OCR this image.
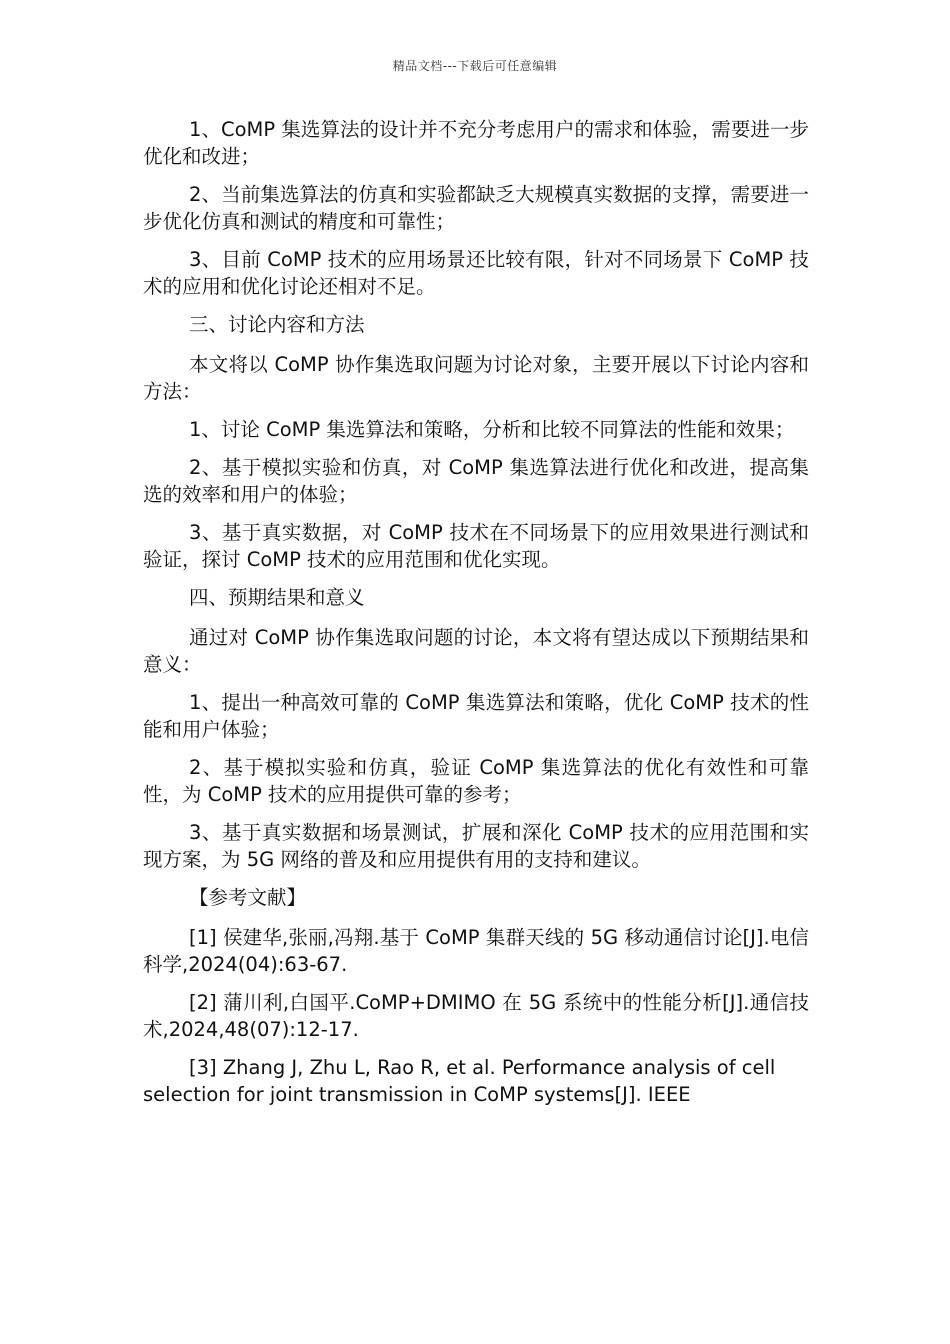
精品文档---下载后可任意编辑

1、CoMP 集选算法的设计并不充分考虑用户的需求和体验，需要进一步优化和改进；

2、当前集选算法的仿真和实验都缺乏大规模真实数据的支撑，需要进一步优化仿真和测试的精度和可靠性；

3、目前 CoMP 技术的应用场景还比较有限，针对不同场景下 CoMP 技术的应用和优化讨论还相对不足。

三、讨论内容和方法

本文将以 CoMP 协作集选取问题为讨论对象，主要开展以下讨论内容和方法：

1、讨论 CoMP 集选算法和策略，分析和比较不同算法的性能和效果；

2、基于模拟实验和仿真，对 CoMP 集选算法进行优化和改进，提高集选的效率和用户的体验；

3、基于真实数据，对 CoMP 技术在不同场景下的应用效果进行测试和验证，探讨 CoMP 技术的应用范围和优化实现。

四、预期结果和意义

通过对 CoMP 协作集选取问题的讨论，本文将有望达成以下预期结果和意义：

1、提出一种高效可靠的 CoMP 集选算法和策略，优化 CoMP 技术的性能和用户体验；

2、基于模拟实验和仿真，验证 CoMP 集选算法的优化有效性和可靠性，为 CoMP 技术的应用提供可靠的参考；

3、基于真实数据和场景测试，扩展和深化 CoMP 技术的应用范围和实现方案，为 5G 网络的普及和应用提供有用的支持和建议。

【参考文献】

[1] 侯建华,张丽,冯翔.基于 CoMP 集群天线的 5G 移动通信讨论[J].电信科学,2024(04):63-67.

[2] 蒲川利,白国平.CoMP+DMIMO 在 5G 系统中的性能分析[J].通信技术,2024,48(07):12-17.

[3] Zhang J, Zhu L, Rao R, et al. Performance analysis of cell selection for joint transmission in CoMP systems[J]. IEEE
